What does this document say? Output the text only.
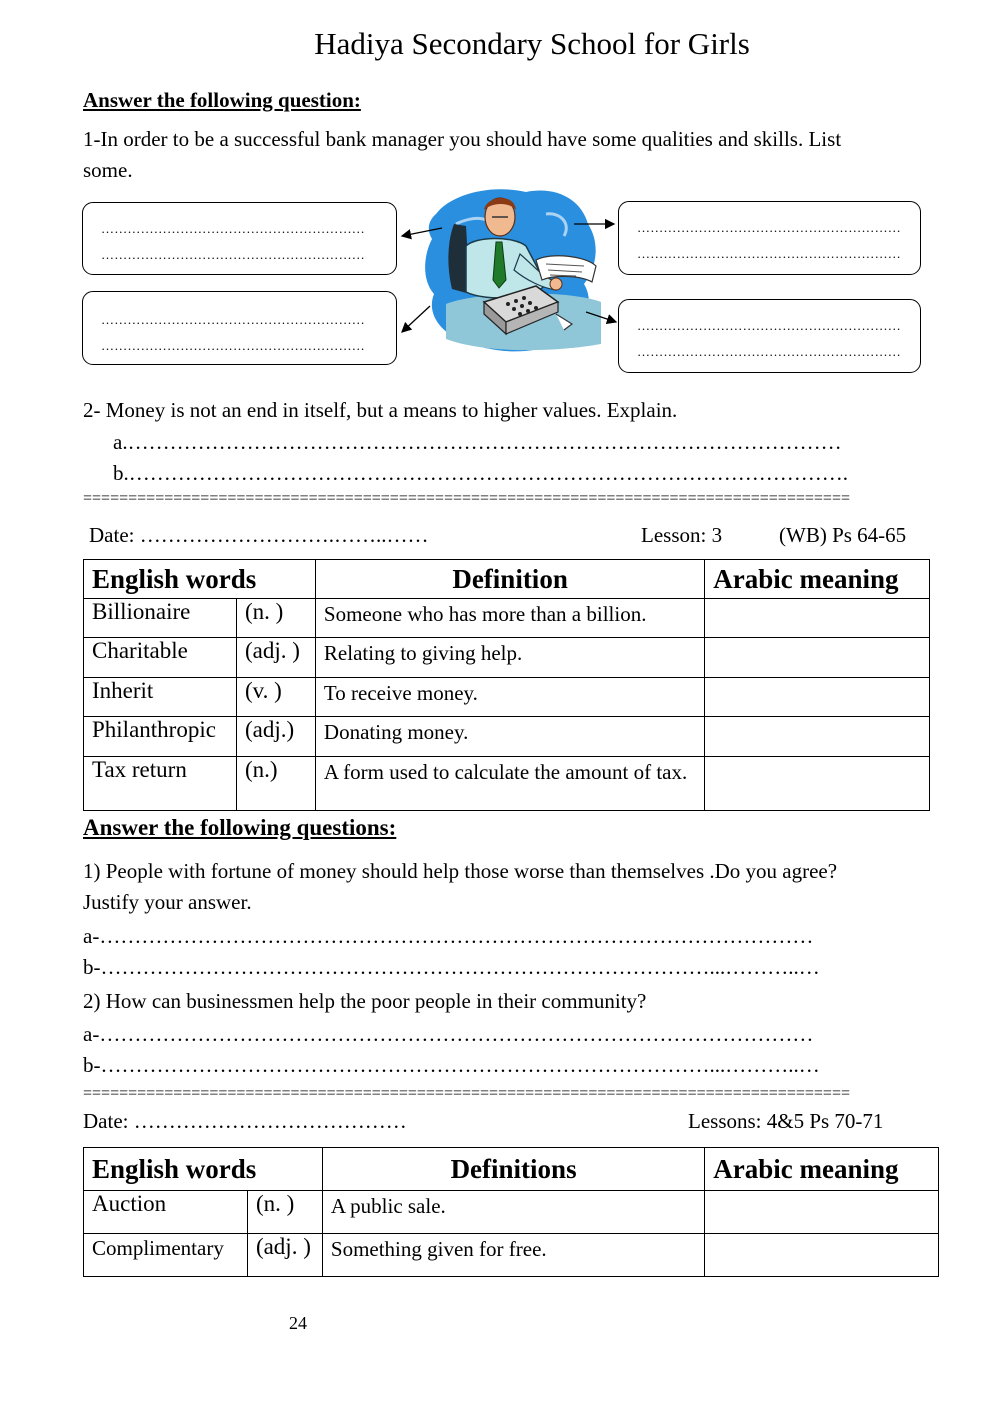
Hadiya Secondary School for Girls
Answer the following question:
1-In order to be a successful bank manager you should have some qualities and skills. List
some.
……………………………………………………
……………………………………………………
……………………………………………………
……………………………………………………
……………………………………………………
……………………………………………………
……………………………………………………
……………………………………………………
2- Money is not an end in itself, but a means to higher values. Explain.
a.…………………………………………………………………………………………
b.………………………………………………………………………………………….
=====================================================================================
Date: ……………………….……..……	Lesson: 3	(WB) Ps 64-65
English words		Definition	Arabic meaning
Billionaire	(n. )	Someone who has more than a billion.	
Charitable	(adj. )	Relating to giving help.	
Inherit	(v. )	To receive money.	
Philanthropic	(adj.)	Donating money.	
Tax return	(n.)	A form used to calculate the amount of tax.	
Answer the following questions:
1) People with fortune of money should help those worse than themselves .Do you agree?
Justify your answer.
a-…………………………………………………………………………………………
b-……………………………………………………………………………...………..…
2) How can businessmen help the poor people in their community?
a-…………………………………………………………………………………………
b-……………………………………………………………………………...………..…
=====================================================================================
Date: …………………………………	Lessons: 4&5 Ps 70-71
English words		Definitions	Arabic meaning
Auction	(n. )	A public sale.	
Complimentary	(adj. )	Something given for free.	
24
